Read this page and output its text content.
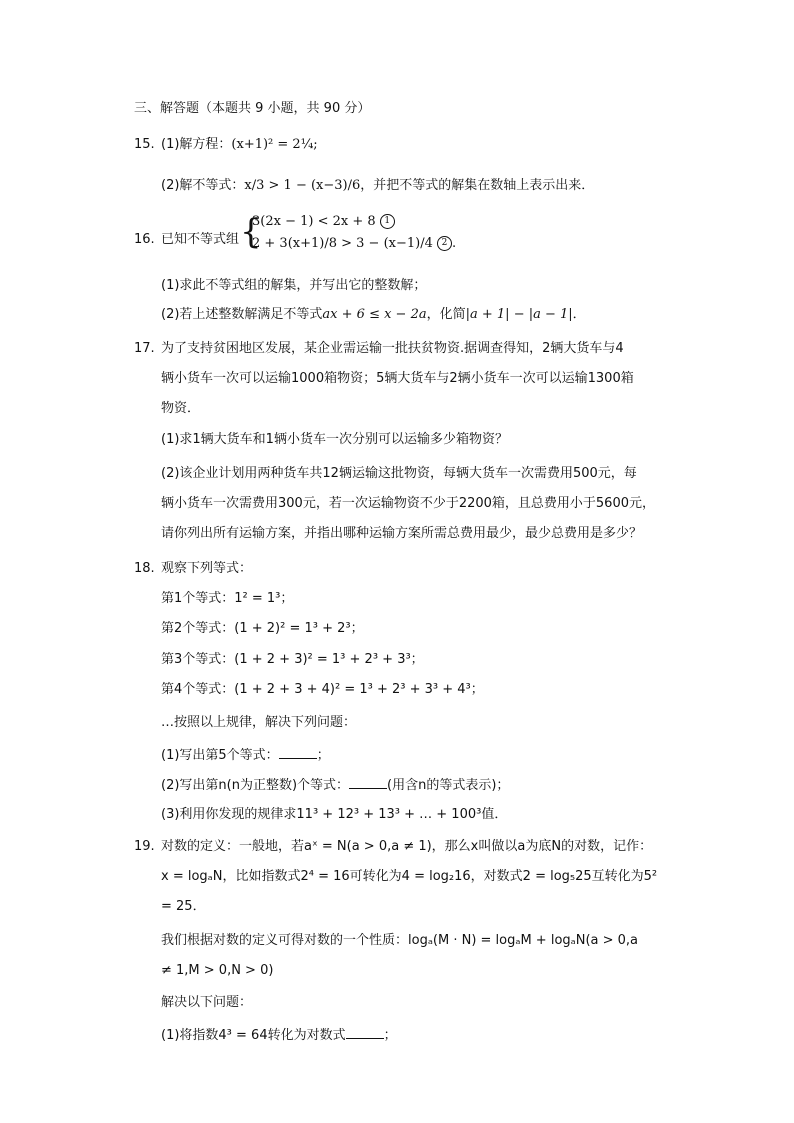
三、解答题（本题共 9 小题，共 90 分）
15. (1)解方程：(x+1)² = 2¼;
(2)解不等式：x/3 > 1 − (x−3)/6，并把不等式的解集在数轴上表示出来．
16. 已知不等式组 {
3(2x − 1) < 2x + 8 1
2 + 3(x+1)/8 > 3 − (x−1)/4 2 .
(1)求此不等式组的解集，并写出它的整数解；
(2)若上述整数解满足不等式ax + 6 ≤ x − 2a，化简|a + 1| − |a − 1|．
17. 为了支持贫困地区发展，某企业需运输一批扶贫物资.据调查得知，2辆大货车与4
辆小货车一次可以运输1000箱物资；5辆大货车与2辆小货车一次可以运输1300箱
物资．
(1)求1辆大货车和1辆小货车一次分别可以运输多少箱物资？
(2)该企业计划用两种货车共12辆运输这批物资，每辆大货车一次需费用500元，每
辆小货车一次需费用300元，若一次运输物资不少于2200箱，且总费用小于5600元，
请你列出所有运输方案，并指出哪种运输方案所需总费用最少，最少总费用是多少？
18. 观察下列等式：
第1个等式：1² = 1³；
第2个等式：(1 + 2)² = 1³ + 2³；
第3个等式：(1 + 2 + 3)² = 1³ + 2³ + 3³；
第4个等式：(1 + 2 + 3 + 4)² = 1³ + 2³ + 3³ + 4³；
…按照以上规律，解决下列问题：
(1)写出第5个等式：	；
(2)写出第n(n为正整数)个等式：	(用含n的等式表示)；
(3)利用你发现的规律求11³ + 12³ + 13³ + … + 100³值．
19. 对数的定义：一般地，若aˣ = N(a > 0,a ≠ 1)，那么x叫做以a为底N的对数，记作：
x = logₐN，比如指数式2⁴ = 16可转化为4 = log₂16，对数式2 = log₅25互转化为5²
= 25．
我们根据对数的定义可得对数的一个性质：logₐ(M · N) = logₐM + logₐN(a > 0,a
≠ 1,M > 0,N > 0)
解决以下问题：
(1)将指数4³ = 64转化为对数式	；
